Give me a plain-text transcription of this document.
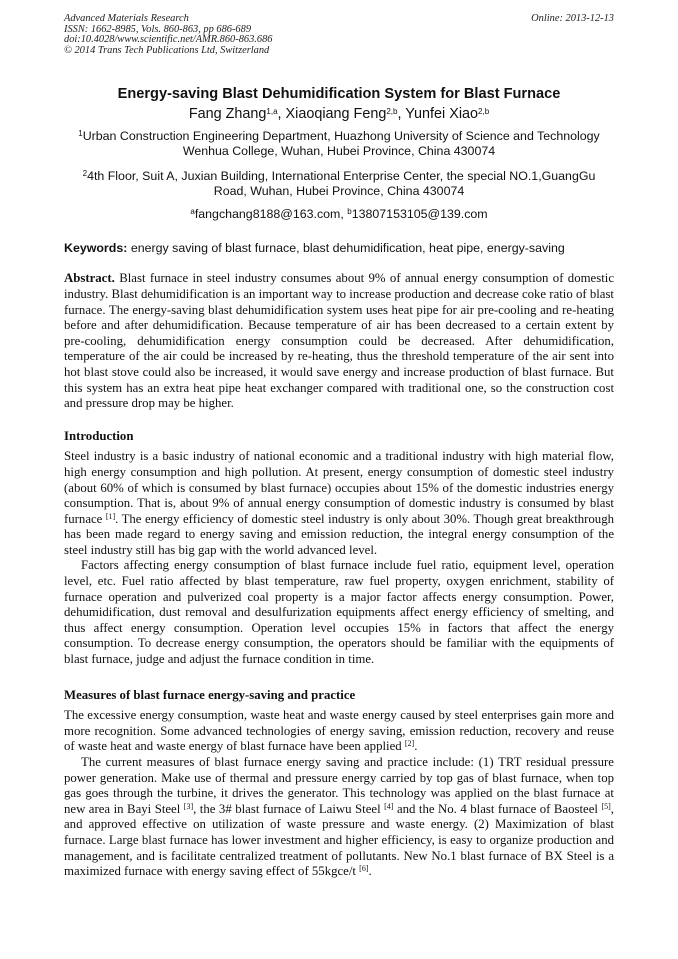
Advanced Materials Research
ISSN: 1662-8985, Vols. 860-863, pp 686-689
doi:10.4028/www.scientific.net/AMR.860-863.686
© 2014 Trans Tech Publications Ltd, Switzerland
Online: 2013-12-13
Energy-saving Blast Dehumidification System for Blast Furnace
Fang Zhang$^{1,a}$, Xiaoqiang Feng$^{2,b}$, Yunfei Xiao$^{2,b}$
$^1$Urban Construction Engineering Department, Huazhong University of Science and Technology
Wenhua College, Wuhan, Hubei Province, China 430074
$^2$4th Floor, Suit A, Juxian Building, International Enterprise Center, the special NO.1,GuangGu
Road, Wuhan, Hubei Province, China 430074
$^a$fangchang8188@163.com, $^b$13807153105@139.com
Keywords: energy saving of blast furnace, blast dehumidification, heat pipe, energy-saving

Abstract. Blast furnace in steel industry consumes about 9% of annual energy consumption of domestic industry. Blast dehumidification is an important way to increase production and decrease coke ratio of blast furnace. The energy-saving blast dehumidification system uses heat pipe for air pre-cooling and re-heating before and after dehumidification. Because temperature of air has been decreased to a certain extent by pre-cooling, dehumidification energy consumption could be decreased. After dehumidification, temperature of the air could be increased by re-heating, thus the threshold temperature of the air sent into hot blast stove could also be increased, it would save energy and increase production of blast furnace. But this system has an extra heat pipe heat exchanger compared with traditional one, so the construction cost and pressure drop may be higher.

Introduction

Steel industry is a basic industry of national economic and a traditional industry with high material flow, high energy consumption and high pollution. At present, energy consumption of domestic steel industry (about 60% of which is consumed by blast furnace) occupies about 15% of the domestic industries energy consumption. That is, about 9% of annual energy consumption of domestic industry is consumed by blast furnace [1]. The energy efficiency of domestic steel industry is only about 30%. Though great breakthrough has been made regard to energy saving and emission reduction, the integral energy consumption of the steel industry still has big gap with the world advanced level.

Factors affecting energy consumption of blast furnace include fuel ratio, equipment level, operation level, etc. Fuel ratio affected by blast temperature, raw fuel property, oxygen enrichment, stability of furnace operation and pulverized coal property is a major factor affects energy consumption. Power, dehumidification, dust removal and desulfurization equipments affect energy efficiency of smelting, and thus affect energy consumption. Operation level occupies 15% in factors that affect the energy consumption. To decrease energy consumption, the operators should be familiar with the equipments of blast furnace, judge and adjust the furnace condition in time.

Measures of blast furnace energy-saving and practice

The excessive energy consumption, waste heat and waste energy caused by steel enterprises gain more and more recognition. Some advanced technologies of energy saving, emission reduction, recovery and reuse of waste heat and waste energy of blast furnace have been applied [2].

The current measures of blast furnace energy saving and practice include: (1) TRT residual pressure power generation. Make use of thermal and pressure energy carried by top gas of blast furnace, when top gas goes through the turbine, it drives the generator. This technology was applied on the blast furnace at new area in Bayi Steel [3], the 3# blast furnace of Laiwu Steel [4] and the No. 4 blast furnace of Baosteel [5], and approved effective on utilization of waste pressure and waste energy. (2) Maximization of blast furnace. Large blast furnace has lower investment and higher efficiency, is easy to organize production and management, and is facilitate centralized treatment of pollutants. New No.1 blast furnace of BX Steel is a maximized furnace with energy saving effect of 55kgce/t [6].
